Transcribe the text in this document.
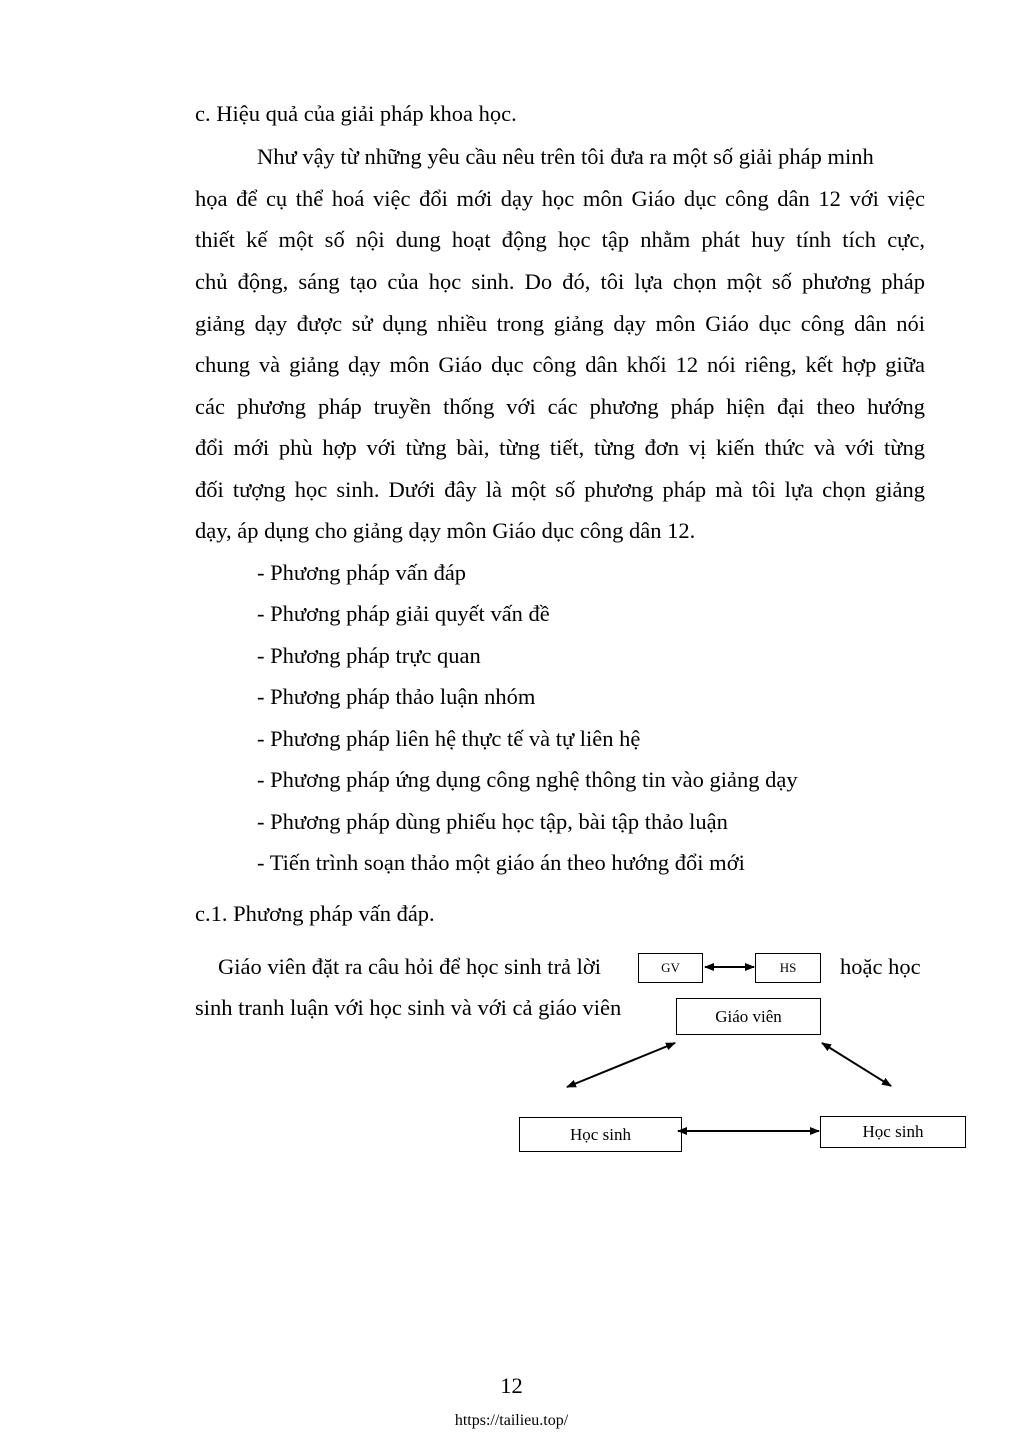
c. Hiệu quả của giải pháp khoa học.
Như vậy từ những yêu cầu nêu trên tôi đưa ra một số giải pháp minh
họa để cụ thể hoá việc đổi mới dạy học môn Giáo dục công dân 12 với việc
thiết kế một số nội dung hoạt động học tập nhằm phát huy tính tích cực,
chủ động, sáng tạo của học sinh. Do đó, tôi lựa chọn một số phương pháp
giảng dạy được sử dụng nhiều trong giảng dạy môn Giáo dục công dân nói
chung và giảng dạy môn Giáo dục công dân khối 12 nói riêng, kết hợp giữa
các phương pháp truyền thống với các phương pháp hiện đại theo hướng
đổi mới phù hợp với từng bài, từng tiết, từng đơn vị kiến thức và với từng
đối tượng học sinh. Dưới đây là một số phương pháp mà tôi lựa chọn giảng
dạy, áp dụng cho giảng dạy môn Giáo dục công dân 12.
- Phương pháp vấn đáp
- Phương pháp giải quyết vấn đề
- Phương pháp trực quan
- Phương pháp thảo luận nhóm
- Phương pháp liên hệ thực tế và tự liên hệ
- Phương pháp ứng dụng công nghệ thông tin vào giảng dạy
- Phương pháp dùng phiếu học tập, bài tập thảo luận
- Tiến trình soạn thảo một giáo án theo hướng đổi mới
c.1. Phương pháp vấn đáp.
Giáo viên đặt ra câu hỏi để học sinh trả lời	hoặc học
sinh tranh luận với học sinh và với cả giáo viên
GV	HS
Giáo viên
Học sinh	Học sinh
12
https://tailieu.top/
